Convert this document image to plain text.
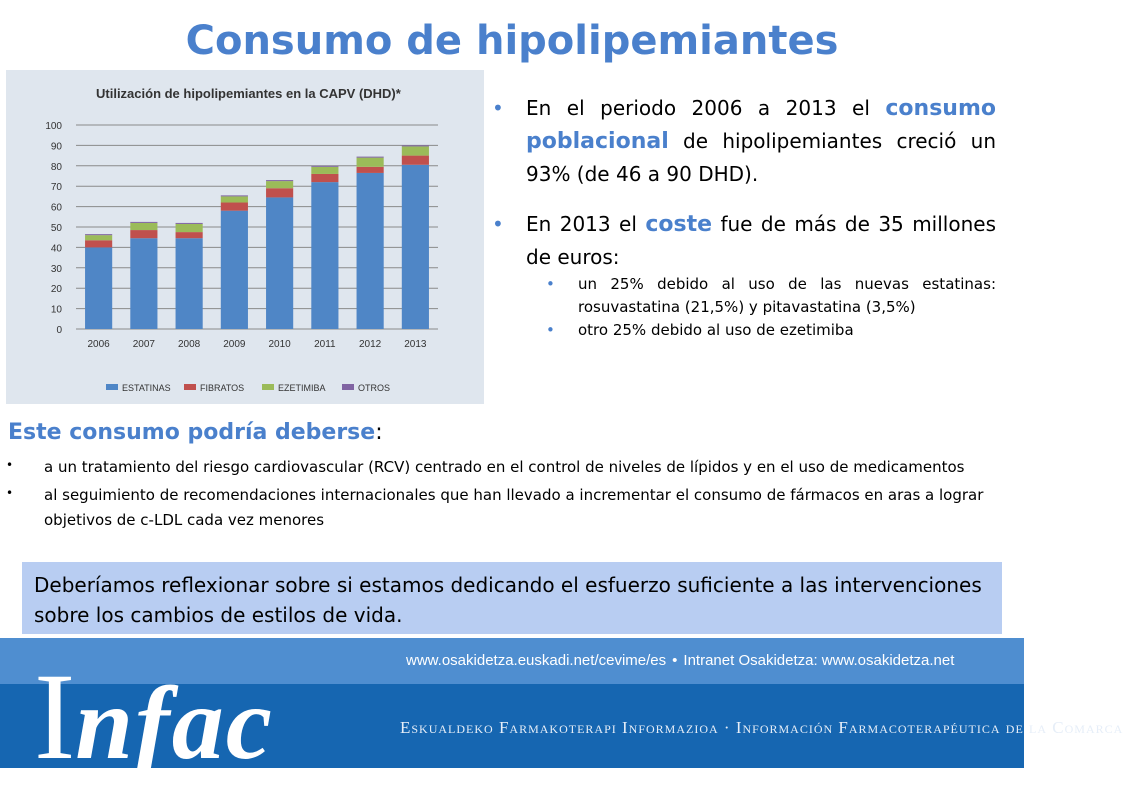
Consumo de hipolipemiantes
Utilización de hipolipemiantes en la CAPV (DHD)*
0
10
20
30
40
50
60
70
80
90
100
2006 2007 2008 2009 2010 2011 2012 2013
ESTATINAS	FIBRATOS	EZETIMIBA	OTROS
• En el periodo 2006 a 2013 el consumo poblacional de hipolipemiantes creció un 93% (de 46 a 90 DHD).
• En 2013 el coste fue de más de 35 millones de euros:
• un 25% debido al uso de las nuevas estatinas: rosuvastatina (21,5%) y pitavastatina (3,5%)
• otro 25% debido al uso de ezetimiba
Este consumo podría deberse:
• a un tratamiento del riesgo cardiovascular (RCV) centrado en el control de niveles de lípidos y en el uso de medicamentos
• al seguimiento de recomendaciones internacionales que han llevado a incrementar el consumo de fármacos en aras a lograr objetivos de c-LDL cada vez menores
Deberíamos reflexionar sobre si estamos dedicando el esfuerzo suficiente a las intervenciones sobre los cambios de estilos de vida.
www.osakidetza.euskadi.net/cevime/es • Intranet Osakidetza: www.osakidetza.net
Eskualdeko Farmakoterapi Informazioa · Información Farmacoterapéutica de la Comarca
Infac
